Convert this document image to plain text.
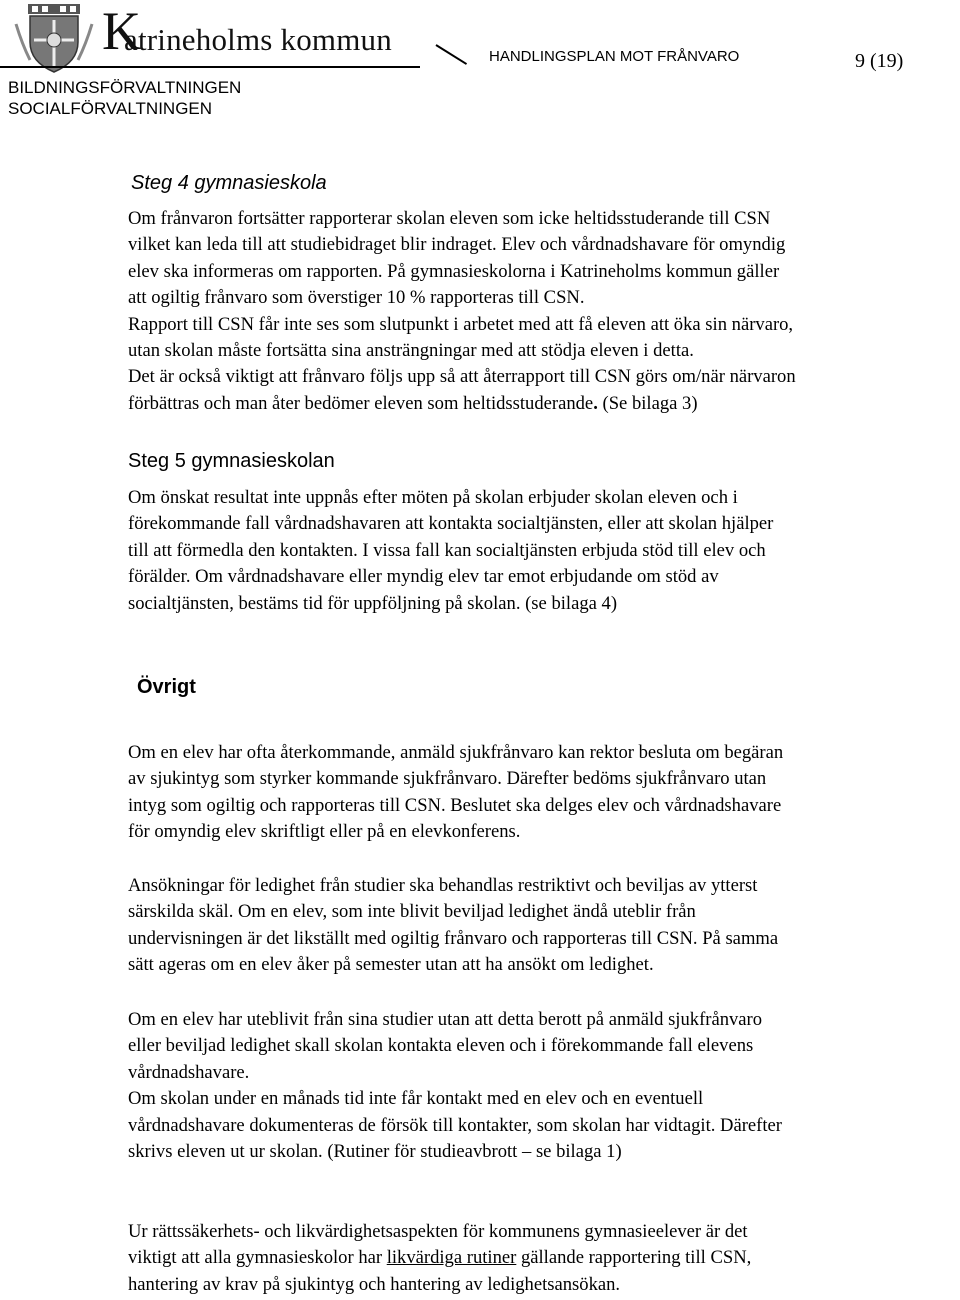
K
atrineholms kommun	HANDLINGSPLAN MOT FRÅNVARO	9 (19)
BILDNINGSFÖRVALTNINGEN
SOCIALFÖRVALTNINGEN
Steg 4 gymnasieskola

Om frånvaron fortsätter rapporterar skolan eleven som icke heltidsstuderande till CSN

vilket kan leda till att studiebidraget blir indraget. Elev och vårdnadshavare för omyndig

elev ska informeras om rapporten. På gymnasieskolorna i Katrineholms kommun gäller

att ogiltig frånvaro som överstiger 10 % rapporteras till CSN.

Rapport till CSN får inte ses som slutpunkt i arbetet med att få eleven att öka sin närvaro,

utan skolan måste fortsätta sina ansträngningar med att stödja eleven i detta.

Det är också viktigt att frånvaro följs upp så att återrapport till CSN görs om/när närvaron

förbättras och man åter bedömer eleven som heltidsstuderande. (Se bilaga 3)

Steg 5 gymnasieskolan

Om önskat resultat inte uppnås efter möten på skolan erbjuder skolan eleven och i

förekommande fall vårdnadshavaren att kontakta socialtjänsten, eller att skolan hjälper

till att förmedla den kontakten. I vissa fall kan socialtjänsten erbjuda stöd till elev och

förälder. Om vårdnadshavare eller myndig elev tar emot erbjudande om stöd av

socialtjänsten, bestäms tid för uppföljning på skolan. (se bilaga 4)

Övrigt

Om en elev har ofta återkommande, anmäld sjukfrånvaro kan rektor besluta om begäran

av sjukintyg som styrker kommande sjukfrånvaro. Därefter bedöms sjukfrånvaro utan

intyg som ogiltig och rapporteras till CSN. Beslutet ska delges elev och vårdnadshavare

för omyndig elev skriftligt eller på en elevkonferens.

Ansökningar för ledighet från studier ska behandlas restriktivt och beviljas av ytterst

särskilda skäl. Om en elev, som inte blivit beviljad ledighet ändå uteblir från

undervisningen är det likställt med ogiltig frånvaro och rapporteras till CSN. På samma

sätt ageras om en elev åker på semester utan att ha ansökt om ledighet.

Om en elev har uteblivit från sina studier utan att detta berott på anmäld sjukfrånvaro

eller beviljad ledighet skall skolan kontakta eleven och i förekommande fall elevens

vårdnadshavare.

Om skolan under en månads tid inte får kontakt med en elev och en eventuell

vårdnadshavare dokumenteras de försök till kontakter, som skolan har vidtagit. Därefter

skrivs eleven ut ur skolan. (Rutiner för studieavbrott – se bilaga 1)

Ur rättssäkerhets- och likvärdighetsaspekten för kommunens gymnasieelever är det

viktigt att alla gymnasieskolor har likvärdiga rutiner gällande rapportering till CSN,

hantering av krav på sjukintyg och hantering av ledighetsansökan.
